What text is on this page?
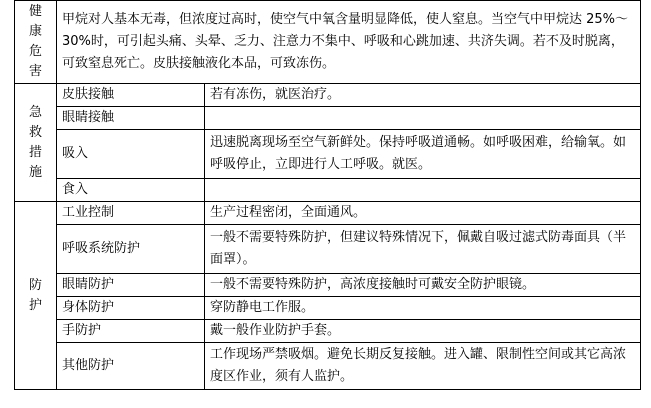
健康危害	甲烷对人基本无毒，但浓度过高时，使空气中氧含量明显降低，使人窒息。当空气中甲烷达 25%～30%时，可引起头痛、头晕、乏力、注意力不集中、呼吸和心跳加速、共济失调。若不及时脱离，可致窒息死亡。皮肤接触液化本品，可致冻伤。	
急救措施	皮肤接触	若有冻伤，就医治疗。
	眼睛接触	
	吸入	迅速脱离现场至空气新鲜处。保持呼吸道通畅。如呼吸困难，给输氧。如呼吸停止，立即进行人工呼吸。就医。
	食入	
防护	工业控制	生产过程密闭，全面通风。
	呼吸系统防护	一般不需要特殊防护，但建议特殊情况下，佩戴自吸过滤式防毒面具（半面罩）。
	眼睛防护	一般不需要特殊防护，高浓度接触时可戴安全防护眼镜。
	身体防护	穿防静电工作服。
	手防护	戴一般作业防护手套。
	其他防护	工作现场严禁吸烟。避免长期反复接触。进入罐、限制性空间或其它高浓度区作业，须有人监护。
